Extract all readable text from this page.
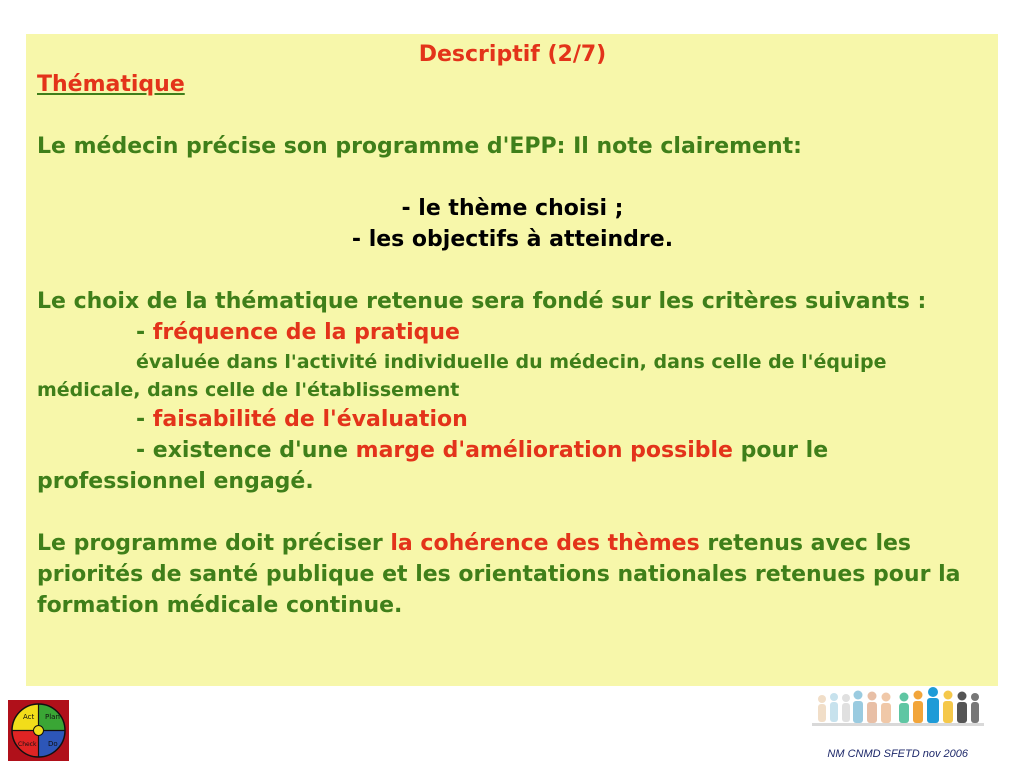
Descriptif (2/7)
Thématique
Le médecin précise son programme d'EPP: Il note clairement:
- le thème choisi ;
- les objectifs à atteindre.
Le choix de la thématique retenue sera fondé sur les critères suivants :
- fréquence de la pratique
évaluée dans l'activité individuelle du médecin, dans celle de l'équipe médicale, dans celle de l'établissement
- faisabilité de l'évaluation
- existence d'une marge d'amélioration possible pour le professionnel engagé.
Le programme doit préciser la cohérence des thèmes retenus avec les priorités de santé publique et les orientations nationales retenues pour la formation médicale continue.
Act Plan
Check Do
NM CNMD SFETD nov 2006
